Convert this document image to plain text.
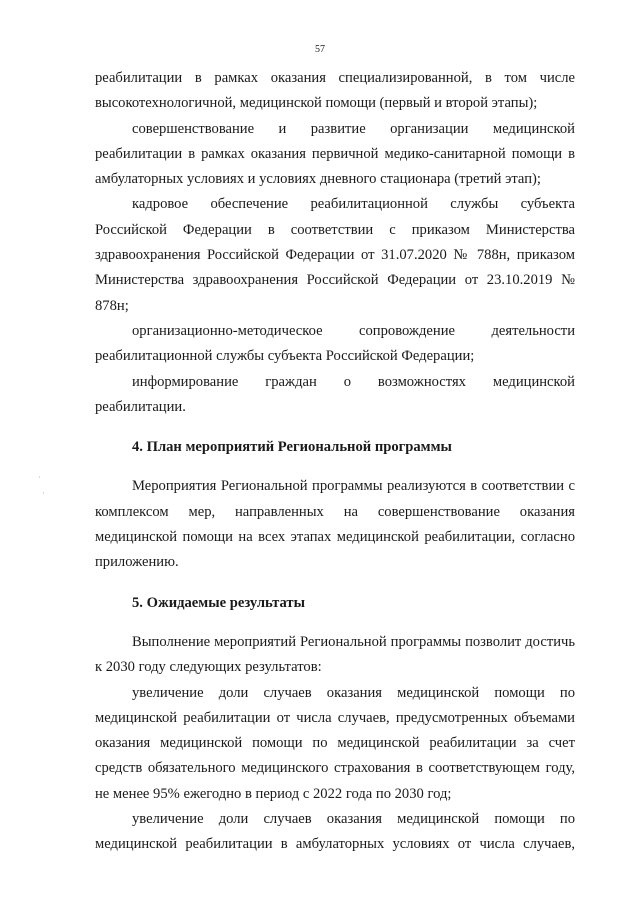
57
·
·

реабилитации в рамках оказания специализированной, в том числе высокотехнологичной, медицинской помощи (первый и второй этапы);

совершенствование и развитие организации медицинской реабилитации в рамках оказания первичной медико-санитарной помощи в амбулаторных условиях и условиях дневного стационара (третий этап);

кадровое обеспечение реабилитационной службы субъекта Российской Федерации в соответствии с приказом Министерства здравоохранения Российской Федерации от 31.07.2020 № 788н, приказом Министерства здравоохранения Российской Федерации от 23.10.2019 № 878н;

организационно-методическое сопровождение деятельности реабилитационной службы субъекта Российской Федерации;

информирование граждан о возможностях медицинской реабилитации.

4. План мероприятий Региональной программы

Мероприятия Региональной программы реализуются в соответствии с комплексом мер, направленных на совершенствование оказания медицинской помощи на всех этапах медицинской реабилитации, согласно приложению.

5. Ожидаемые результаты

Выполнение мероприятий Региональной программы позволит достичь к 2030 году следующих результатов:

увеличение доли случаев оказания медицинской помощи по медицинской реабилитации от числа случаев, предусмотренных объемами оказания медицинской помощи по медицинской реабилитации за счет средств обязательного медицинского страхования в соответствующем году, не менее 95% ежегодно в период с 2022 года по 2030 год;

увеличение доли случаев оказания медицинской помощи по медицинской реабилитации в амбулаторных условиях от числа случаев,
